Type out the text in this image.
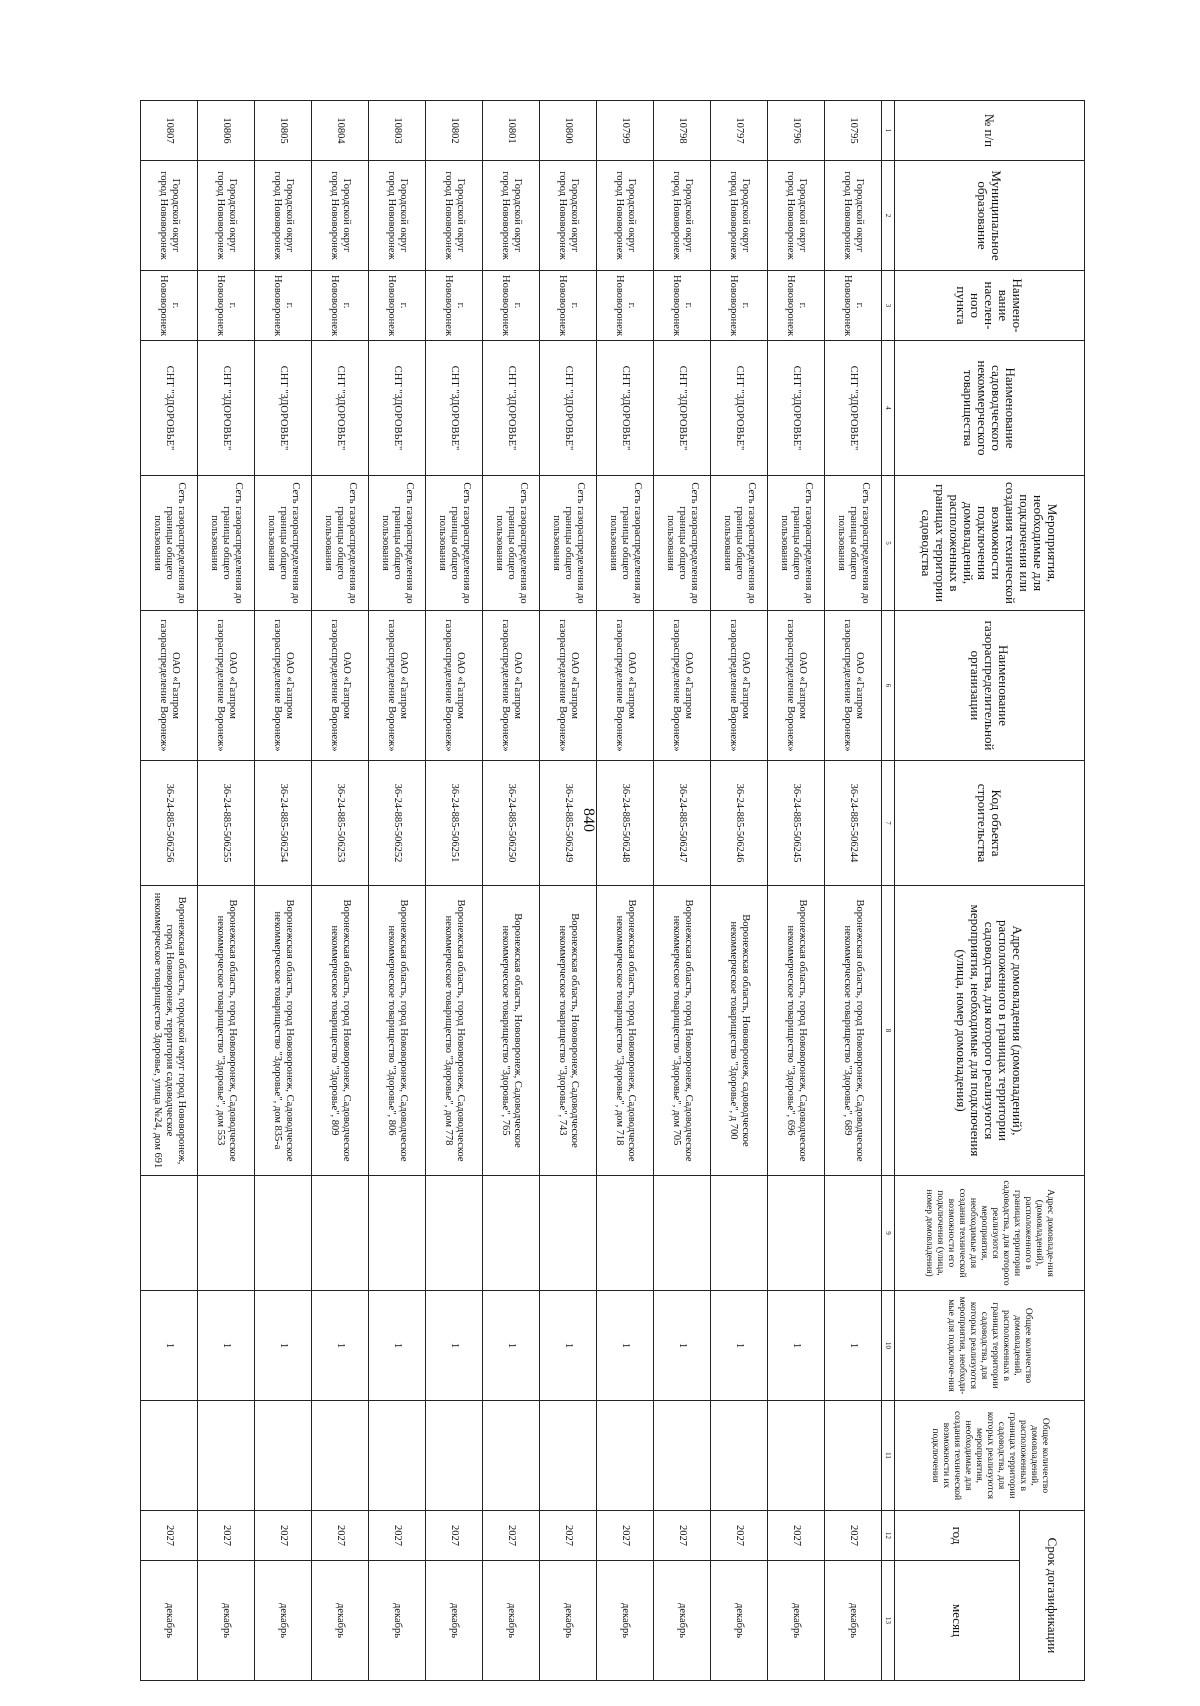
840
№ п/п	Муниципальное образование	Наимено-вание населен-ного пункта	Наименование садоводческого некоммерческого товарищества	Мероприятия, необходимые для подключения или создания технической возможности подключения домовладений, расположенных в границах территории садоводства	Наименование газораспределительной организации	Код объекта строительства	Адрес домовладения (домовладений), расположенного в границах территории садоводства, для которого реализуются мероприятия, необходимые для подключения (улица, номер домовладения)	Адрес домовладе-ния (домовладений), расположенного в границах территории садоводства, для которого реализуются мероприятия, необходимые для создания технической возможности его подключения (улица, номер домовладения)	Общее количество домовладений, расположенных в границах территории садоводства, для которых реализуются мероприятия, необходи-мые для подключе-ния	Общее количество домовладений, расположенных в границах территории садоводства, для которых реализуются мероприятия, необходимые для создания технической возможности их подключения	Срок догазификации	
											год	месяц
1	2	3	4	5	6	7	8	9	10	11	12	13
10795	Городской округ город Нововоронеж	г. Нововоронеж	СНТ "ЗДОРОВЬЕ"	Сеть газораспределения до границы общего пользования	ОАО «Газпром газораспределение Воронеж»	36-24-885-506244	Воронежская область, город Нововоронеж, Садоводческое некоммерческое товарищество "Здоровье", 689		1		2027	декабрь
10796	Городской округ город Нововоронеж	г. Нововоронеж	СНТ "ЗДОРОВЬЕ"	Сеть газораспределения до границы общего пользования	ОАО «Газпром газораспределение Воронеж»	36-24-885-506245	Воронежская область, город Нововоронеж, Садоводческое некоммерческое товарищество "Здоровье", 696		1		2027	декабрь
10797	Городской округ город Нововоронеж	г. Нововоронеж	СНТ "ЗДОРОВЬЕ"	Сеть газораспределения до границы общего пользования	ОАО «Газпром газораспределение Воронеж»	36-24-885-506246	Воронежская область, Нововоронеж, садоводческое некоммерческое товарищество "Здоровье", д 700		1		2027	декабрь
10798	Городской округ город Нововоронеж	г. Нововоронеж	СНТ "ЗДОРОВЬЕ"	Сеть газораспределения до границы общего пользования	ОАО «Газпром газораспределение Воронеж»	36-24-885-506247	Воронежская область, город Нововоронеж, Садоводческое некоммерческое товарищество "Здоровье", дом 705		1		2027	декабрь
10799	Городской округ город Нововоронеж	г. Нововоронеж	СНТ "ЗДОРОВЬЕ"	Сеть газораспределения до границы общего пользования	ОАО «Газпром газораспределение Воронеж»	36-24-885-506248	Воронежская область, город Нововоронеж, Садоводческое некоммерческое товарищество "Здоровье", дом 718		1		2027	декабрь
10800	Городской округ город Нововоронеж	г. Нововоронеж	СНТ "ЗДОРОВЬЕ"	Сеть газораспределения до границы общего пользования	ОАО «Газпром газораспределение Воронеж»	36-24-885-506249	Воронежская область, Нововоронеж, Садоводческое некоммерческое товарищество "Здоровье", 743		1		2027	декабрь
10801	Городской округ город Нововоронеж	г. Нововоронеж	СНТ "ЗДОРОВЬЕ"	Сеть газораспределения до границы общего пользования	ОАО «Газпром газораспределение Воронеж»	36-24-885-506250	Воронежская область, Нововоронеж, Садоводческое некоммерческое товарищество "Здоровье", 765		1		2027	декабрь
10802	Городской округ город Нововоронеж	г. Нововоронеж	СНТ "ЗДОРОВЬЕ"	Сеть газораспределения до границы общего пользования	ОАО «Газпром газораспределение Воронеж»	36-24-885-506251	Воронежская область, город Нововоронеж, Садоводческое некоммерческое товарищество "Здоровье", дом 778		1		2027	декабрь
10803	Городской округ город Нововоронеж	г. Нововоронеж	СНТ "ЗДОРОВЬЕ"	Сеть газораспределения до границы общего пользования	ОАО «Газпром газораспределение Воронеж»	36-24-885-506252	Воронежская область, город Нововоронеж, Садоводческое некоммерческое товарищество "Здоровье", 806		1		2027	декабрь
10804	Городской округ город Нововоронеж	г. Нововоронеж	СНТ "ЗДОРОВЬЕ"	Сеть газораспределения до границы общего пользования	ОАО «Газпром газораспределение Воронеж»	36-24-885-506253	Воронежская область, город Нововоронеж, Садоводческое некоммерческое товарищество "Здоровье", 809		1		2027	декабрь
10805	Городской округ город Нововоронеж	г. Нововоронеж	СНТ "ЗДОРОВЬЕ"	Сеть газораспределения до границы общего пользования	ОАО «Газпром газораспределение Воронеж»	36-24-885-506254	Воронежская область, город Нововоронеж, Садоводческое некоммерческое товарищество "Здоровье", дом 835-а		1		2027	декабрь
10806	Городской округ город Нововоронеж	г. Нововоронеж	СНТ "ЗДОРОВЬЕ"	Сеть газораспределения до границы общего пользования	ОАО «Газпром газораспределение Воронеж»	36-24-885-506255	Воронежская область, город Нововоронеж, Садоводческое некоммерческое товарищество "Здоровье", дом 553		1		2027	декабрь
10807	Городской округ город Нововоронеж	г. Нововоронеж	СНТ "ЗДОРОВЬЕ"	Сеть газораспределения до границы общего пользования	ОАО «Газпром газораспределение Воронеж»	36-24-885-506256	Воронежская область, городской округ город Нововоронеж, город Нововоронеж, территория садоводческое некоммерческое товарищество Здоровье, улица №24, дом 691		1		2027	декабрь
